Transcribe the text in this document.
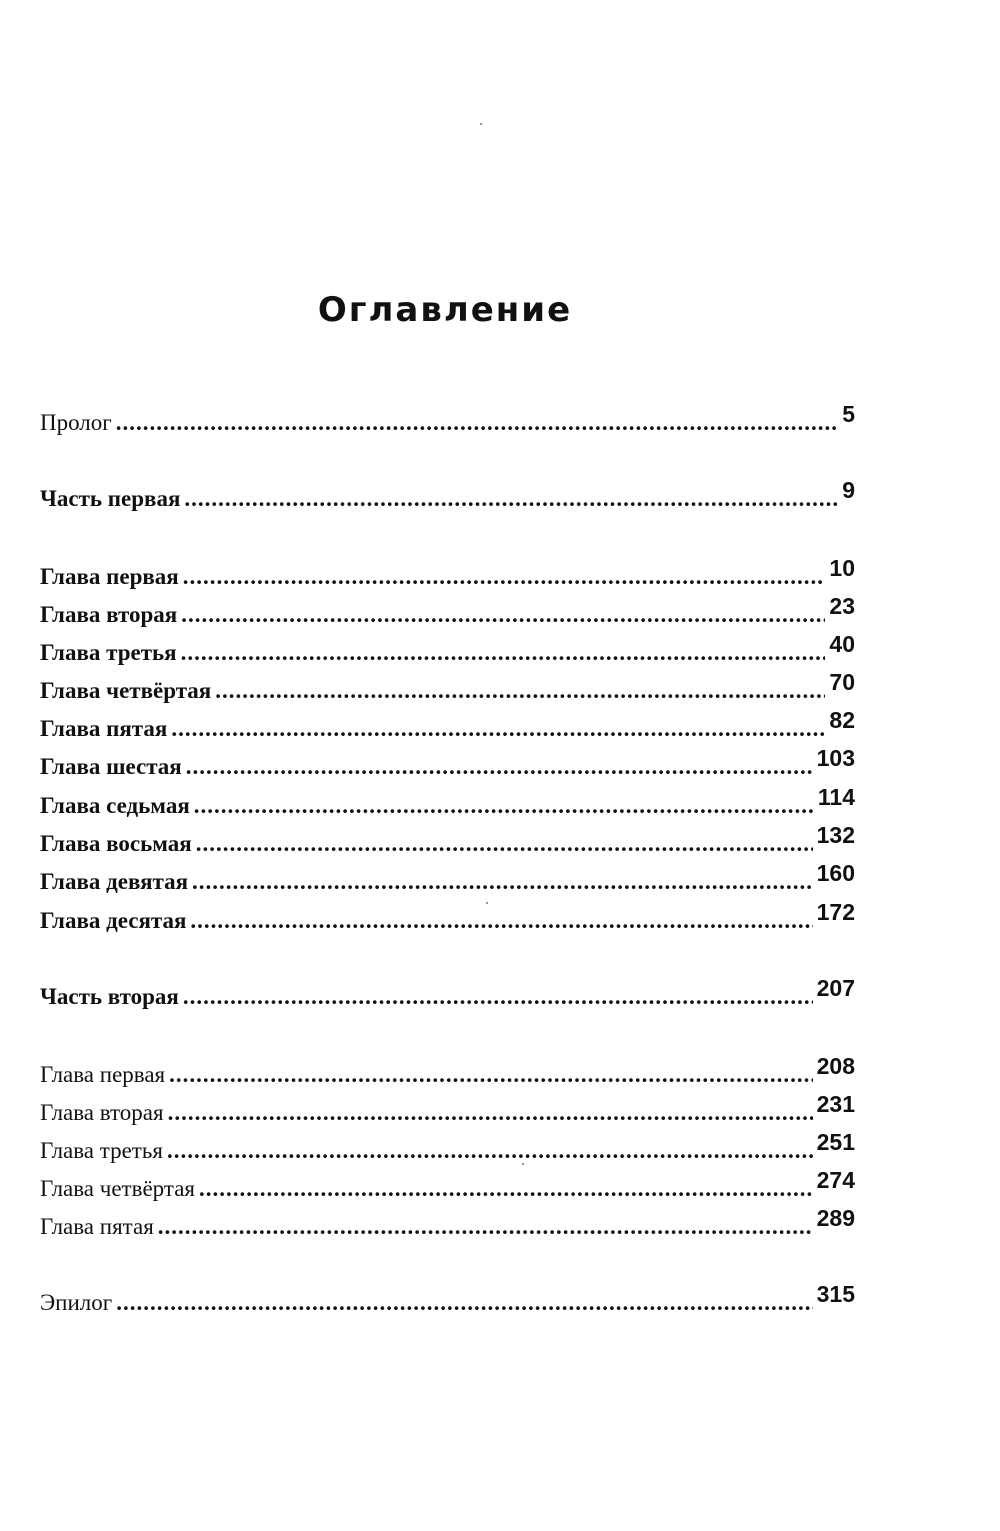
Оглавление
Пролог .....	5
Часть первая .....	9
Глава первая .....	10
Глава вторая .....	23
Глава третья .....	40
Глава четвёртая .....	70
Глава пятая .....	82
Глава шестая .....	103
Глава седьмая .....	114
Глава восьмая .....	132
Глава девятая .....	160
Глава десятая .....	172
Часть вторая .....	207
Глава первая .....	208
Глава вторая .....	231
Глава третья .....	251
Глава четвёртая .....	274
Глава пятая .....	289
Эпилог .....	315
